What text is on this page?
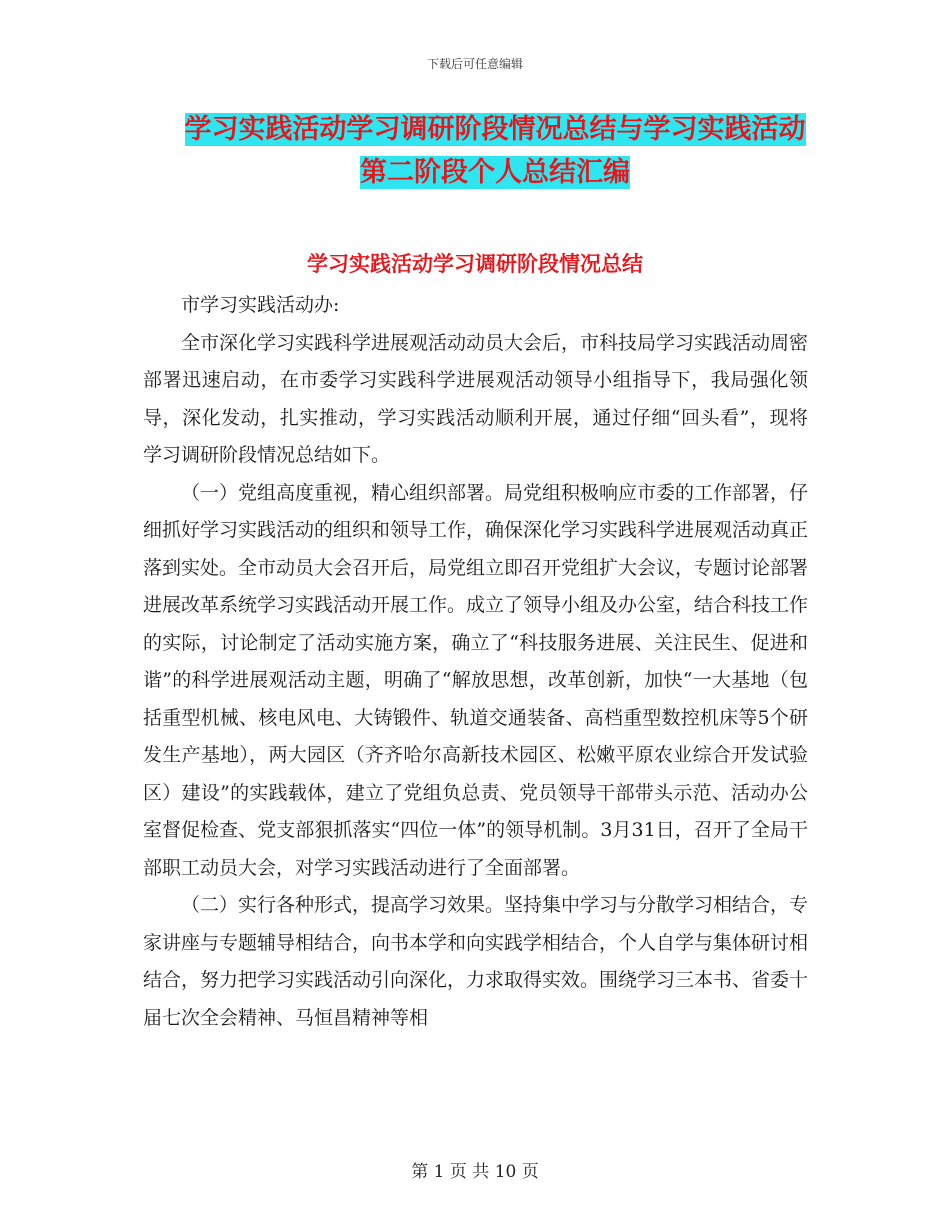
下载后可任意编辑
学习实践活动学习调研阶段情况总结与学习实践活动
第二阶段个人总结汇编
学习实践活动学习调研阶段情况总结

市学习实践活动办:

全市深化学习实践科学进展观活动动员大会后，市科技局学习实践活动周密部署迅速启动，在市委学习实践科学进展观活动领导小组指导下，我局强化领导，深化发动，扎实推动，学习实践活动顺利开展，通过仔细“回头看”，现将学习调研阶段情况总结如下。

（一）党组高度重视，精心组织部署。局党组积极响应市委的工作部署，仔细抓好学习实践活动的组织和领导工作，确保深化学习实践科学进展观活动真正落到实处。全市动员大会召开后，局党组立即召开党组扩大会议，专题讨论部署进展改革系统学习实践活动开展工作。成立了领导小组及办公室，结合科技工作的实际，讨论制定了活动实施方案，确立了“科技服务进展、关注民生、促进和谐”的科学进展观活动主题，明确了“解放思想，改革创新，加快“一大基地（包括重型机械、核电风电、大铸锻件、轨道交通装备、高档重型数控机床等5个研发生产基地），两大园区（齐齐哈尔高新技术园区、松嫩平原农业综合开发试验区）建设”的实践载体，建立了党组负总责、党员领导干部带头示范、活动办公室督促检查、党支部狠抓落实“四位一体”的领导机制。3月31日，召开了全局干部职工动员大会，对学习实践活动进行了全面部署。

（二）实行各种形式，提高学习效果。坚持集中学习与分散学习相结合，专家讲座与专题辅导相结合，向书本学和向实践学相结合，个人自学与集体研讨相结合，努力把学习实践活动引向深化，力求取得实效。围绕学习三本书、省委十届七次全会精神、马恒昌精神等相

第 1 页 共 10 页
